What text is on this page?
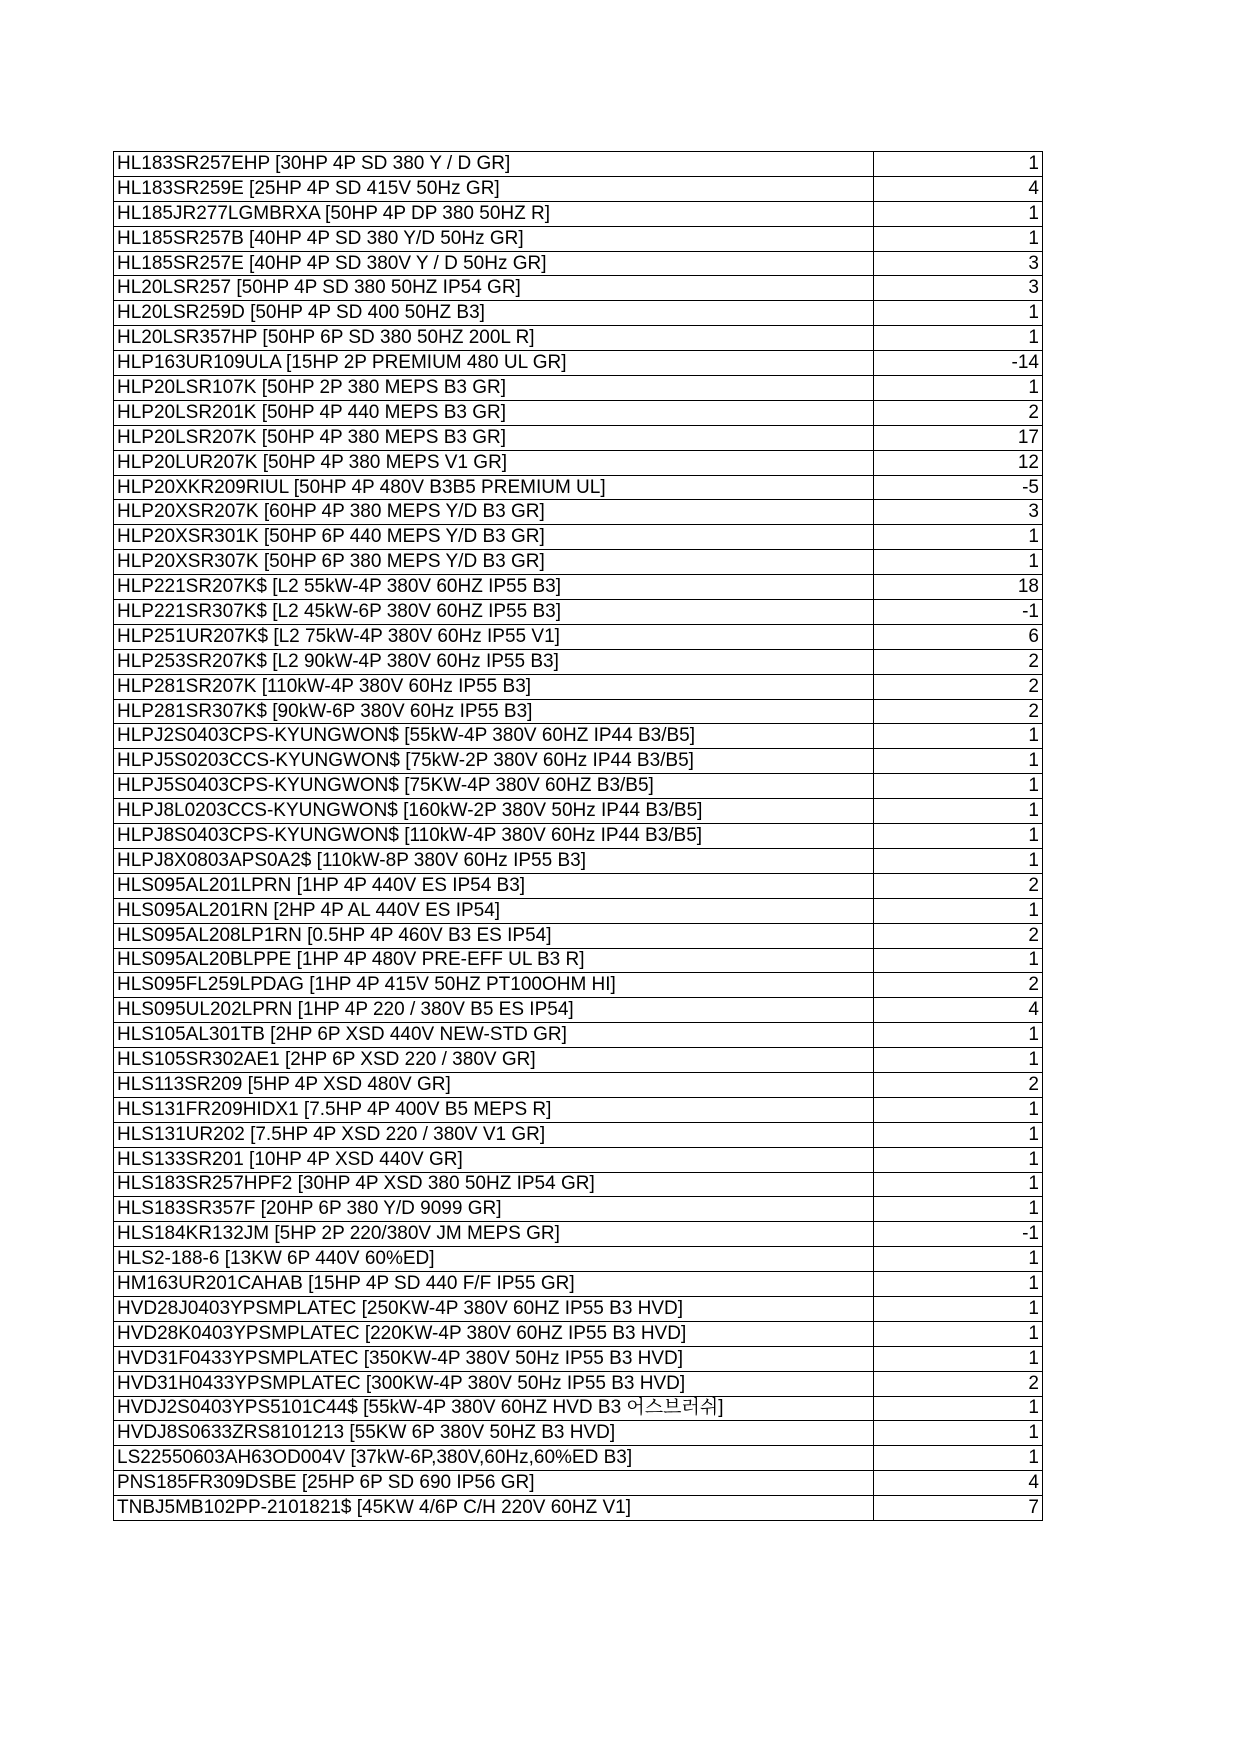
HL183SR257EHP [30HP 4P SD 380 Y / D GR]	1
HL183SR259E [25HP 4P SD 415V 50Hz GR]	4
HL185JR277LGMBRXA [50HP 4P DP 380 50HZ R]	1
HL185SR257B [40HP 4P SD 380 Y/D 50Hz GR]	1
HL185SR257E [40HP 4P SD 380V Y / D 50Hz GR]	3
HL20LSR257 [50HP 4P SD 380 50HZ IP54 GR]	3
HL20LSR259D [50HP 4P SD 400 50HZ B3]	1
HL20LSR357HP [50HP 6P SD 380 50HZ 200L R]	1
HLP163UR109ULA [15HP 2P PREMIUM 480 UL GR]	-14
HLP20LSR107K [50HP 2P 380 MEPS B3 GR]	1
HLP20LSR201K [50HP 4P 440 MEPS B3 GR]	2
HLP20LSR207K [50HP 4P 380 MEPS B3 GR]	17
HLP20LUR207K [50HP 4P 380 MEPS V1 GR]	12
HLP20XKR209RIUL [50HP 4P 480V B3B5 PREMIUM UL]	-5
HLP20XSR207K [60HP 4P 380 MEPS Y/D B3 GR]	3
HLP20XSR301K [50HP 6P 440 MEPS Y/D B3 GR]	1
HLP20XSR307K [50HP 6P 380 MEPS Y/D B3 GR]	1
HLP221SR207K$ [L2 55kW-4P 380V 60HZ IP55 B3]	18
HLP221SR307K$ [L2 45kW-6P 380V 60HZ IP55 B3]	-1
HLP251UR207K$ [L2 75kW-4P 380V 60Hz IP55 V1]	6
HLP253SR207K$ [L2 90kW-4P 380V 60Hz IP55 B3]	2
HLP281SR207K [110kW-4P 380V 60Hz IP55 B3]	2
HLP281SR307K$ [90kW-6P 380V 60Hz IP55 B3]	2
HLPJ2S0403CPS-KYUNGWON$ [55kW-4P 380V 60HZ IP44 B3/B5]	1
HLPJ5S0203CCS-KYUNGWON$ [75kW-2P 380V 60Hz IP44 B3/B5]	1
HLPJ5S0403CPS-KYUNGWON$ [75KW-4P 380V 60HZ B3/B5]	1
HLPJ8L0203CCS-KYUNGWON$ [160kW-2P 380V 50Hz IP44 B3/B5]	1
HLPJ8S0403CPS-KYUNGWON$ [110kW-4P 380V 60Hz IP44 B3/B5]	1
HLPJ8X0803APS0A2$ [110kW-8P 380V 60Hz IP55 B3]	1
HLS095AL201LPRN [1HP 4P 440V ES IP54 B3]	2
HLS095AL201RN [2HP 4P AL 440V ES IP54]	1
HLS095AL208LP1RN [0.5HP 4P 460V B3 ES IP54]	2
HLS095AL20BLPPE [1HP 4P 480V PRE-EFF UL B3 R]	1
HLS095FL259LPDAG [1HP 4P 415V 50HZ PT100OHM HI]	2
HLS095UL202LPRN [1HP 4P 220 / 380V B5 ES IP54]	4
HLS105AL301TB [2HP 6P XSD 440V NEW-STD GR]	1
HLS105SR302AE1 [2HP 6P XSD 220 / 380V GR]	1
HLS113SR209 [5HP 4P XSD 480V GR]	2
HLS131FR209HIDX1 [7.5HP 4P 400V B5 MEPS R]	1
HLS131UR202 [7.5HP 4P XSD 220 / 380V V1 GR]	1
HLS133SR201 [10HP 4P XSD 440V GR]	1
HLS183SR257HPF2 [30HP 4P XSD 380 50HZ IP54 GR]	1
HLS183SR357F [20HP 6P 380 Y/D 9099 GR]	1
HLS184KR132JM [5HP 2P 220/380V JM MEPS GR]	-1
HLS2-188-6 [13KW 6P 440V 60%ED]	1
HM163UR201CAHAB [15HP 4P SD 440 F/F IP55 GR]	1
HVD28J0403YPSMPLATEC [250KW-4P 380V 60HZ IP55 B3 HVD]	1
HVD28K0403YPSMPLATEC [220KW-4P 380V 60HZ IP55 B3 HVD]	1
HVD31F0433YPSMPLATEC [350KW-4P 380V 50Hz IP55 B3 HVD]	1
HVD31H0433YPSMPLATEC [300KW-4P 380V 50Hz IP55 B3 HVD]	2
HVDJ2S0403YPS5101C44$ [55kW-4P 380V 60HZ HVD B3 어스브러쉬]	1
HVDJ8S0633ZRS8101213 [55KW 6P 380V 50HZ B3 HVD]	1
LS22550603AH63OD004V [37kW-6P,380V,60Hz,60%ED B3]	1
PNS185FR309DSBE [25HP 6P SD 690 IP56 GR]	4
TNBJ5MB102PP-2101821$ [45KW 4/6P C/H 220V 60HZ V1]	7
